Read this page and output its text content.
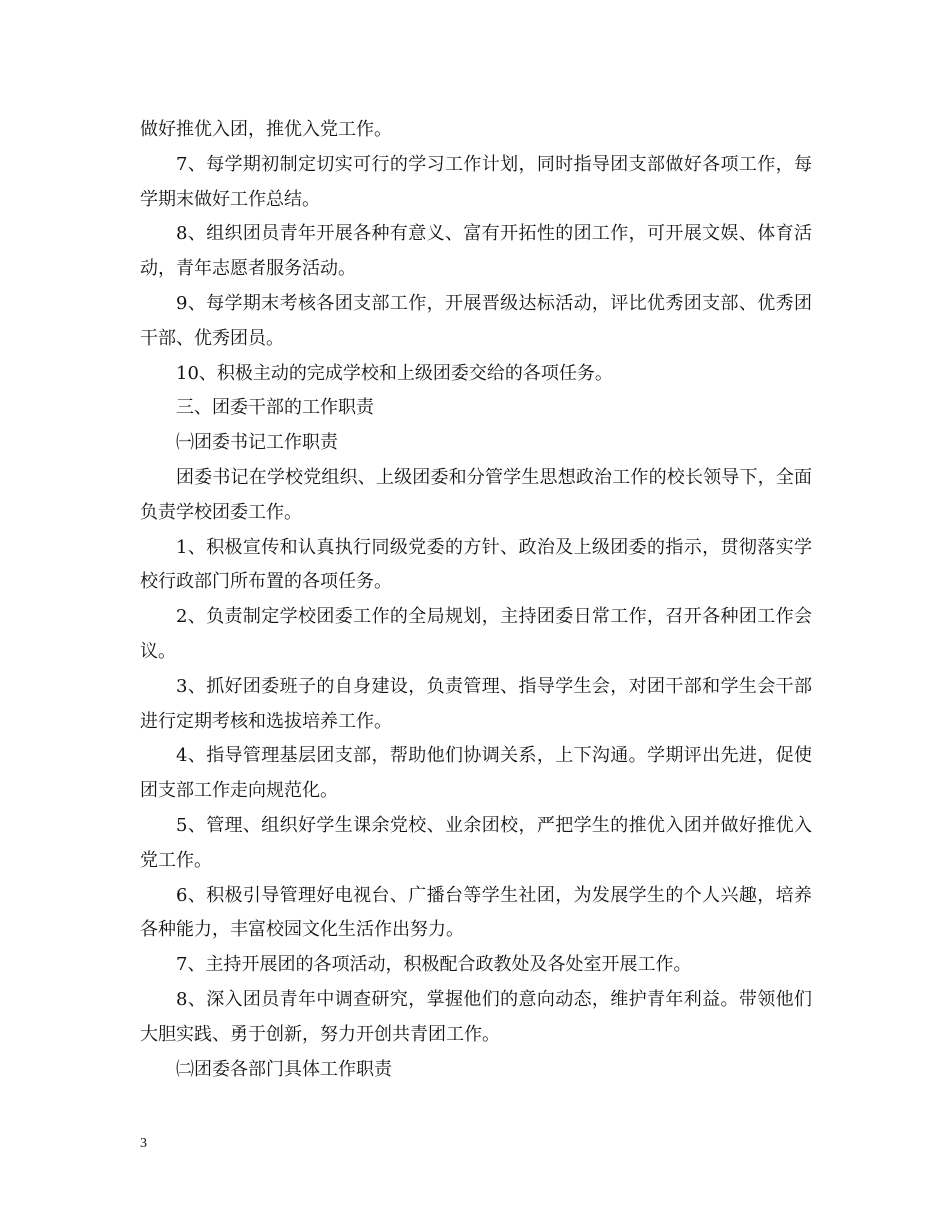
做好推优入团，推优入党工作。

7、每学期初制定切实可行的学习工作计划，同时指导团支部做好各项工作，每学期末做好工作总结。

8、组织团员青年开展各种有意义、富有开拓性的团工作，可开展文娱、体育活动，青年志愿者服务活动。

9、每学期末考核各团支部工作，开展晋级达标活动，评比优秀团支部、优秀团干部、优秀团员。

10、积极主动的完成学校和上级团委交给的各项任务。

三、团委干部的工作职责

㈠团委书记工作职责

团委书记在学校党组织、上级团委和分管学生思想政治工作的校长领导下，全面负责学校团委工作。

1、积极宣传和认真执行同级党委的方针、政治及上级团委的指示，贯彻落实学校行政部门所布置的各项任务。

2、负责制定学校团委工作的全局规划，主持团委日常工作，召开各种团工作会议。

3、抓好团委班子的自身建设，负责管理、指导学生会，对团干部和学生会干部进行定期考核和选拔培养工作。

4、指导管理基层团支部，帮助他们协调关系，上下沟通。学期评出先进，促使团支部工作走向规范化。

5、管理、组织好学生课余党校、业余团校，严把学生的推优入团并做好推优入党工作。

6、积极引导管理好电视台、广播台等学生社团，为发展学生的个人兴趣，培养各种能力，丰富校园文化生活作出努力。

7、主持开展团的各项活动，积极配合政教处及各处室开展工作。

8、深入团员青年中调查研究，掌握他们的意向动态，维护青年利益。带领他们大胆实践、勇于创新，努力开创共青团工作。

㈡团委各部门具体工作职责

3
